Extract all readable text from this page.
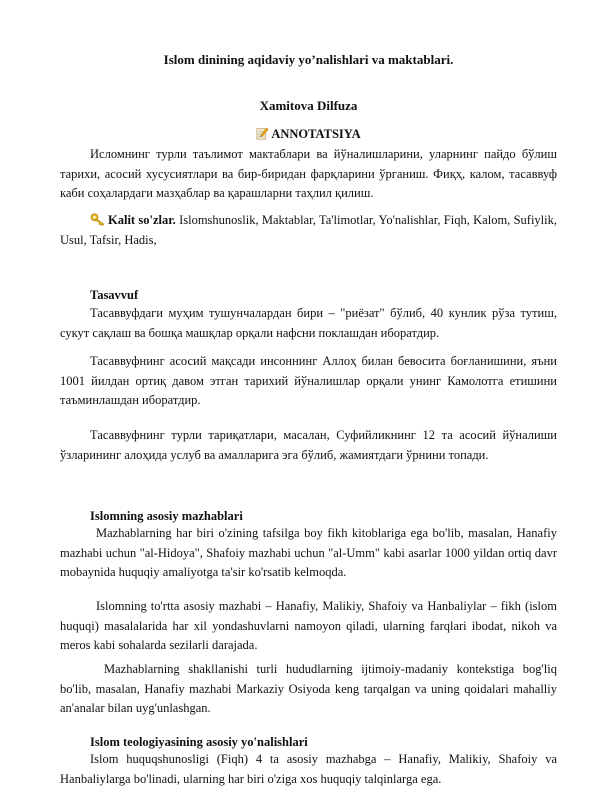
Islom dinining aqidaviy yo’nalishlari va maktablari.
Xamitova Dilfuza
ANNOTATSIYA

Исломнинг турли таълимот мактаблари ва йўналишларини, уларнинг пайдо бўлиш тарихи, асосий хусусиятлари ва бир-биридан фарқларини ўрганиш. Фиқҳ, калом, тасаввуф каби соҳалардаги мазҳаблар ва қарашларни таҳлил қилиш.

Kalit so'zlar. Islomshunoslik, Maktablar, Ta'limotlar, Yo'nalishlar, Fiqh, Kalom, Sufiylik, Usul, Tafsir, Hadis,

Tasavvuf

Тасаввуфдаги муҳим тушунчалардан бири – "риёзат" бўлиб, 40 кунлик рўза тутиш, сукут сақлаш ва бошқа машқлар орқали нафсни поклашдан иборатдир.

Тасаввуфнинг асосий мақсади инсоннинг Аллоҳ билан бевосита боғланишини, яъни 1001 йилдан ортиқ давом этган тарихий йўналишлар орқали унинг Камолотга етишини таъминлашдан иборатдир.

Тасаввуфнинг турли тариқатлари, масалан, Суфийликнинг 12 та асосий йўналиши ўзларининг алоҳида услуб ва амалларига эга бўлиб, жамиятдаги ўрнини топади.

Islomning asosiy mazhablari

Mazhablarning har biri o'zining tafsilga boy fikh kitoblariga ega bo'lib, masalan, Hanafiy mazhabi uchun "al-Hidoya", Shafoiy mazhabi uchun "al-Umm" kabi asarlar 1000 yildan ortiq davr mobaynida huquqiy amaliyotga ta'sir ko'rsatib kelmoqda.

Islomning to'rtta asosiy mazhabi – Hanafiy, Malikiy, Shafoiy va Hanbaliylar – fikh (islom huquqi) masalalarida har xil yondashuvlarni namoyon qiladi, ularning farqlari ibodat, nikoh va meros kabi sohalarda sezilarli darajada.

Mazhablarning shakllanishi turli hududlarning ijtimoiy-madaniy kontekstiga bog'liq bo'lib, masalan, Hanafiy mazhabi Markaziy Osiyoda keng tarqalgan va uning qoidalari mahalliy an'analar bilan uyg'unlashgan.

Islom teologiyasining asosiy yo'nalishlari

Islom huquqshunosligi (Fiqh) 4 ta asosiy mazhabga – Hanafiy, Malikiy, Shafoiy va Hanbaliylarga bo'linadi, ularning har biri o'ziga xos huquqiy talqinlarga ega.
